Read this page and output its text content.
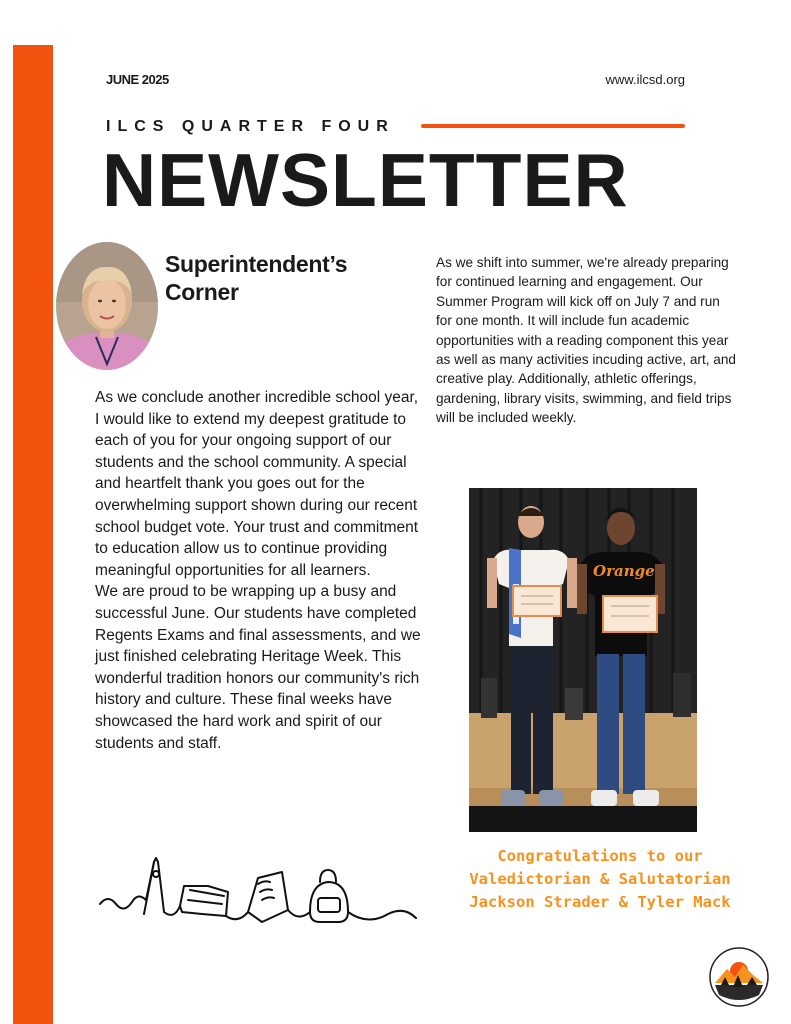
JUNE 2025	www.ilcsd.org
ILCS QUARTER FOUR
NEWSLETTER
Superintendent’s
Corner

As we conclude another incredible school year, I would like to extend my deepest gratitude to each of you for your ongoing support of our students and the school community. A special and heartfelt thank you goes out for the overwhelming support shown during our recent school budget vote. Your trust and commitment to education allow us to continue providing meaningful opportunities for all learners.

We are proud to be wrapping up a busy and successful June. Our students have completed Regents Exams and final assessments, and we just finished celebrating Heritage Week. This wonderful tradition honors our community's rich history and culture. These final weeks have showcased the hard work and spirit of our students and staff.

As we shift into summer, we're already preparing for continued learning and engagement. Our Summer Program will kick off on July 7 and run for one month. It will include fun academic opportunities with a reading component this year as well as many activities incuding active, art, and creative play. Additionally, athletic offerings, gardening, library visits, swimming, and field trips will be included weekly.
Orange
Congratulations to our
Valedictorian & Salutatorian
Jackson Strader & Tyler Mack
